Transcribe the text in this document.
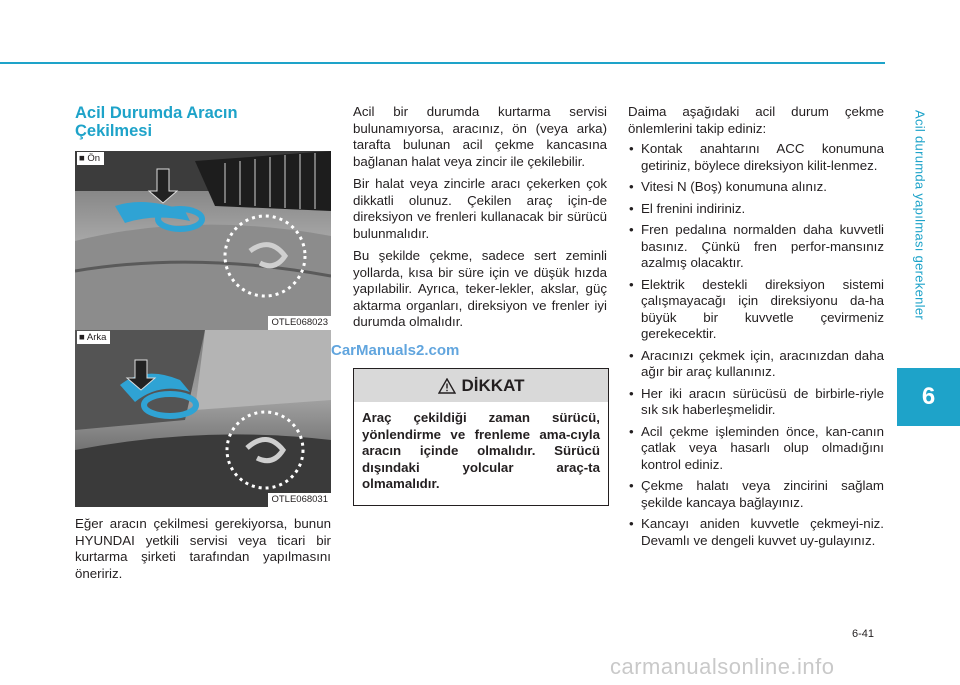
Acil durumda yapılması gerekenler
6
Acil Durumda Aracın
Çekilmesi
■ Ön
OTLE068023
■ Arka
OTLE068031

Eğer aracın çekilmesi gerekiyorsa, bunun HYUNDAI yetkili servisi veya ticari bir kurtarma şirketi tarafından yapılmasını öneririz.

Acil bir durumda kurtarma servisi bulunamıyorsa, aracınız, ön (veya arka) tarafta bulunan acil çekme kancasına bağlanan halat veya zincir ile çekilebilir.

Bir halat veya zincirle aracı çekerken çok dikkatli olunuz. Çekilen araç için-de direksiyon ve frenleri kullanacak bir sürücü bulunmalıdır.

Bu şekilde çekme, sadece sert zeminli yollarda, kısa bir süre için ve düşük hızda yapılabilir. Ayrıca, teker-lekler, akslar, güç aktarma organları, direksiyon ve frenler iyi durumda olmalıdır.

CarManuals2.com
DİKKAT
Araç çekildiği zaman sürücü, yönlendirme ve frenleme ama-cıyla aracın içinde olmalıdır. Sürücü dışındaki yolcular araç-ta olmamalıdır.

Daima aşağıdaki acil durum çekme önlemlerini takip ediniz:

• Kontak anahtarını ACC konumuna getiriniz, böylece direksiyon kilit-lenmez.
• Vitesi N (Boş) konumuna alınız.
• El frenini indiriniz.
• Fren pedalına normalden daha kuvvetli basınız. Çünkü fren perfor-mansınız azalmış olacaktır.
• Elektrik destekli direksiyon sistemi çalışmayacağı için direksiyonu da-ha büyük bir kuvvetle çevirmeniz gerekecektir.
• Aracınızı çekmek için, aracınızdan daha ağır bir araç kullanınız.
• Her iki aracın sürücüsü de birbirle-riyle sık sık haberleşmelidir.
• Acil çekme işleminden önce, kan-canın çatlak veya hasarlı olup olmadığını kontrol ediniz.
• Çekme halatı veya zincirini sağlam şekilde kancaya bağlayınız.
• Kancayı aniden kuvvetle çekmeyi-niz. Devamlı ve dengeli kuvvet uy-gulayınız.
6-41
carmanualsonline.info
